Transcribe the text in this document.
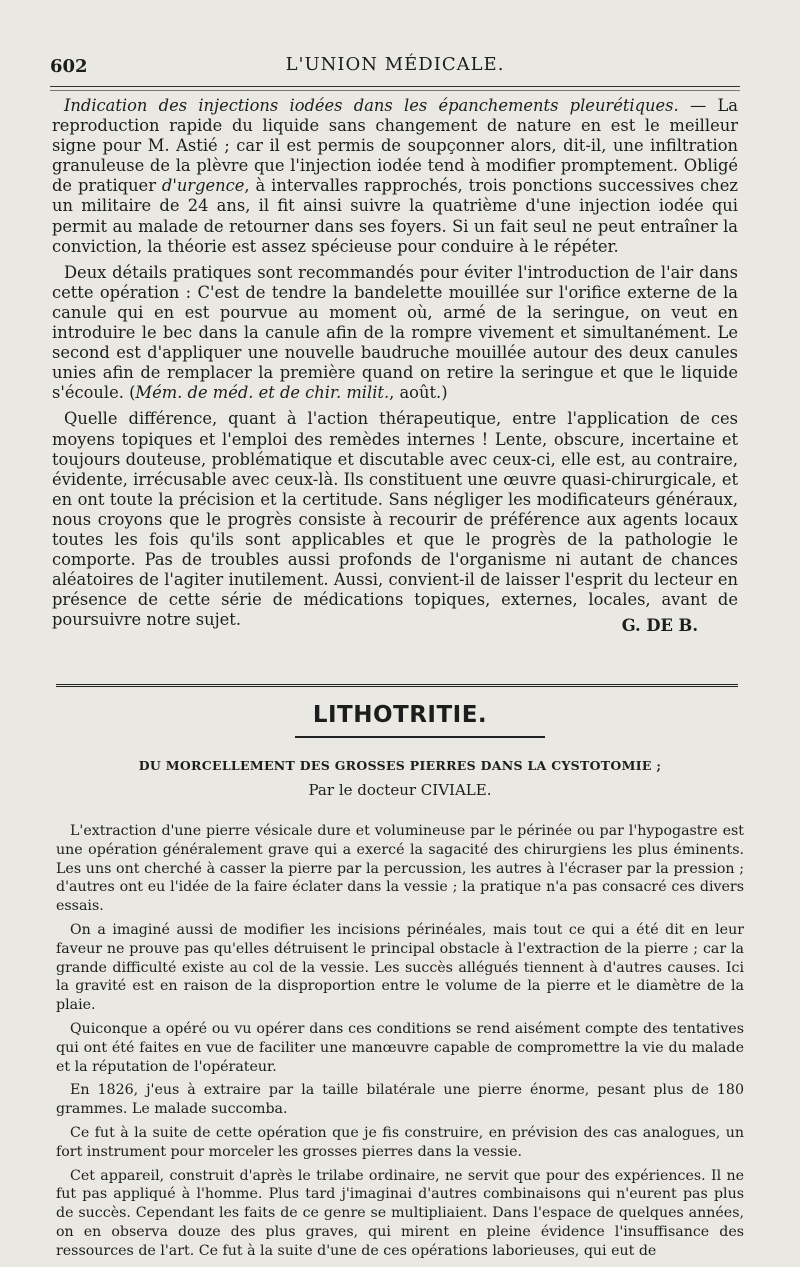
602	L'UNION MÉDICALE.

Indication des injections iodées dans les épanchements pleurétiques. — La reproduction rapide du liquide sans changement de nature en est le meilleur signe pour M. Astié ; car il est permis de soupçonner alors, dit-il, une infiltration granuleuse de la plèvre que l'injection iodée tend à modifier promptement. Obligé de pratiquer d'urgence, à intervalles rapprochés, trois ponctions successives chez un militaire de 24 ans, il fit ainsi suivre la quatrième d'une injection iodée qui permit au malade de retourner dans ses foyers. Si un fait seul ne peut entraîner la conviction, la théorie est assez spécieuse pour conduire à le répéter.

Deux détails pratiques sont recommandés pour éviter l'introduction de l'air dans cette opération : C'est de tendre la bandelette mouillée sur l'orifice externe de la canule qui en est pourvue au moment où, armé de la seringue, on veut en introduire le bec dans la canule afin de la rompre vivement et simultanément. Le second est d'appliquer une nouvelle baudruche mouillée autour des deux canules unies afin de remplacer la première quand on retire la seringue et que le liquide s'écoule. (Mém. de méd. et de chir. milit., août.)

Quelle différence, quant à l'action thérapeutique, entre l'application de ces moyens topiques et l'emploi des remèdes internes ! Lente, obscure, incertaine et toujours douteuse, problématique et discutable avec ceux-ci, elle est, au contraire, évidente, irrécusable avec ceux-là. Ils constituent une œuvre quasi-chirurgicale, et en ont toute la précision et la certitude. Sans négliger les modificateurs généraux, nous croyons que le progrès consiste à recourir de préférence aux agents locaux toutes les fois qu'ils sont applicables et que le progrès de la pathologie le comporte. Pas de troubles aussi profonds de l'organisme ni autant de chances aléatoires de l'agiter inutilement. Aussi, convient-il de laisser l'esprit du lecteur en présence de cette série de médications topiques, externes, locales, avant de poursuivre notre sujet.	G. DE B.
LITHOTRITIE.
DU MORCELLEMENT DES GROSSES PIERRES DANS LA CYSTOTOMIE ;
Par le docteur CIVIALE.

L'extraction d'une pierre vésicale dure et volumineuse par le périnée ou par l'hypogastre est une opération généralement grave qui a exercé la sagacité des chirurgiens les plus éminents. Les uns ont cherché à casser la pierre par la percussion, les autres à l'écraser par la pression ; d'autres ont eu l'idée de la faire éclater dans la vessie ; la pratique n'a pas consacré ces divers essais.

On a imaginé aussi de modifier les incisions périnéales, mais tout ce qui a été dit en leur faveur ne prouve pas qu'elles détruisent le principal obstacle à l'extraction de la pierre ; car la grande difficulté existe au col de la vessie. Les succès allégués tiennent à d'autres causes. Ici la gravité est en raison de la disproportion entre le volume de la pierre et le diamètre de la plaie.

Quiconque a opéré ou vu opérer dans ces conditions se rend aisément compte des tentatives qui ont été faites en vue de faciliter une manœuvre capable de compromettre la vie du malade et la réputation de l'opérateur.

En 1826, j'eus à extraire par la taille bilatérale une pierre énorme, pesant plus de 180 grammes. Le malade succomba.

Ce fut à la suite de cette opération que je fis construire, en prévision des cas analogues, un fort instrument pour morceler les grosses pierres dans la vessie.

Cet appareil, construit d'après le trilabe ordinaire, ne servit que pour des expériences. Il ne fut pas appliqué à l'homme. Plus tard j'imaginai d'autres combinaisons qui n'eurent pas plus de succès. Cependant les faits de ce genre se multipliaient. Dans l'espace de quelques années, on en observa douze des plus graves, qui mirent en pleine évidence l'insuffisance des ressources de l'art. Ce fut à la suite d'une de ces opérations laborieuses, qui eut de
